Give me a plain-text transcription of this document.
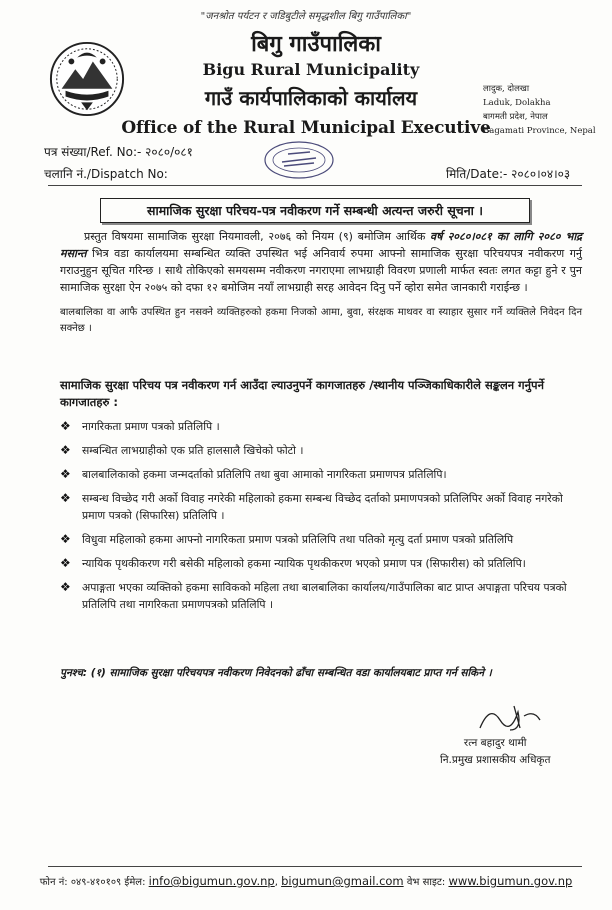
"जनश्रोत पर्यटन र जडिबुटीले समृद्धशील बिगु गाउँपालिका"
बिगु गाउँपालिका
Bigu Rural Municipality
गाउँ कार्यपालिकाको कार्यालय
Office of the Rural Municipal Executive
लादुक, दोलखा
Laduk, Dolakha
बागमती प्रदेश, नेपाल
Bagamati Province, Nepal
पत्र संख्या/Ref. No:- २०८०/०८१
चलानि नं./Dispatch No:	मिति/Date:- २०८०।०४।०३
सामाजिक सुरक्षा परिचय-पत्र नवीकरण गर्ने सम्बन्धी अत्यन्त जरुरी सूचना ।
प्रस्तुत विषयमा सामाजिक सुरक्षा नियमावली, २०७६ को नियम (९) बमोजिम आर्थिक वर्ष २०८०।०८१ का लागि २०८० भाद्र मसान्त भित्र वडा कार्यालयमा सम्बन्धित व्यक्ति उपस्थित भई अनिवार्य रुपमा आफ्नो सामाजिक सुरक्षा परिचयपत्र नवीकरण गर्नु गराउनुहुन सूचित गरिन्छ । साथै तोकिएको समयसम्म नवीकरण नगराएमा लाभग्राही विवरण प्रणाली मार्फत स्वतः लगत कट्टा हुने र पुन सामाजिक सुरक्षा ऐन २०७५ को दफा १२ बमोजिम नयाँ लाभग्राही सरह आवेदन दिनु पर्ने व्होरा समेत जानकारी गराईन्छ ।
बालबालिका वा आफै उपस्थित हुन नसक्ने व्यक्तिहरुको हकमा निजको आमा, बुवा, संरक्षक माथवर वा स्याहार सुसार गर्ने व्यक्तिले निवेदन दिन सक्नेछ ।
सामाजिक सुरक्षा परिचय पत्र नवीकरण गर्न आउँदा ल्याउनुपर्ने कागजातहरु /स्थानीय पञ्जिकाधिकारीले सङ्कलन गर्नुपर्ने कागजातहरु :
❖ नागरिकता प्रमाण पत्रको प्रतिलिपि ।
❖ सम्बन्धित लाभग्राहीको एक प्रति हालसालै खिचेको फोटो ।
❖ बालबालिकाको हकमा जन्मदर्ताको प्रतिलिपि तथा बुवा आमाको नागरिकता प्रमाणपत्र प्रतिलिपि।
❖ सम्बन्ध विच्छेद गरी अर्को विवाह नगरेकी महिलाको हकमा सम्बन्ध विच्छेद दर्ताको प्रमाणपत्रको प्रतिलिपिर अर्को विवाह नगरेको प्रमाण पत्रको (सिफारिस) प्रतिलिपि ।
❖ विधुवा महिलाको हकमा आफ्नो नागरिकता प्रमाण पत्रको प्रतिलिपि तथा पतिको मृत्यु दर्ता प्रमाण पत्रको प्रतिलिपि
❖ न्यायिक पृथकीकरण गरी बसेकी महिलाको हकमा न्यायिक पृथकीकरण भएको प्रमाण पत्र (सिफारीस) को प्रतिलिपि।
❖ अपाङ्गता भएका व्यक्तिको हकमा साविकको महिला तथा बालबालिका कार्यालय/गाउँपालिका बाट प्राप्त अपाङ्गता परिचय पत्रको प्रतिलिपि तथा नागरिकता प्रमाणपत्रको प्रतिलिपि ।
पुनश्च: (१) सामाजिक सुरक्षा परिचयपत्र नवीकरण निवेदनको ढाँचा सम्बन्धित वडा कार्यालयबाट प्राप्त गर्न सकिने ।
रत्न बहादुर थामी
नि.प्रमुख प्रशासकीय अधिकृत
फोन नं: ०४९-४१०१०९ ईमेल: info@bigumun.gov.np, bigumun@gmail.com वेभ साइट: www.bigumun.gov.np
